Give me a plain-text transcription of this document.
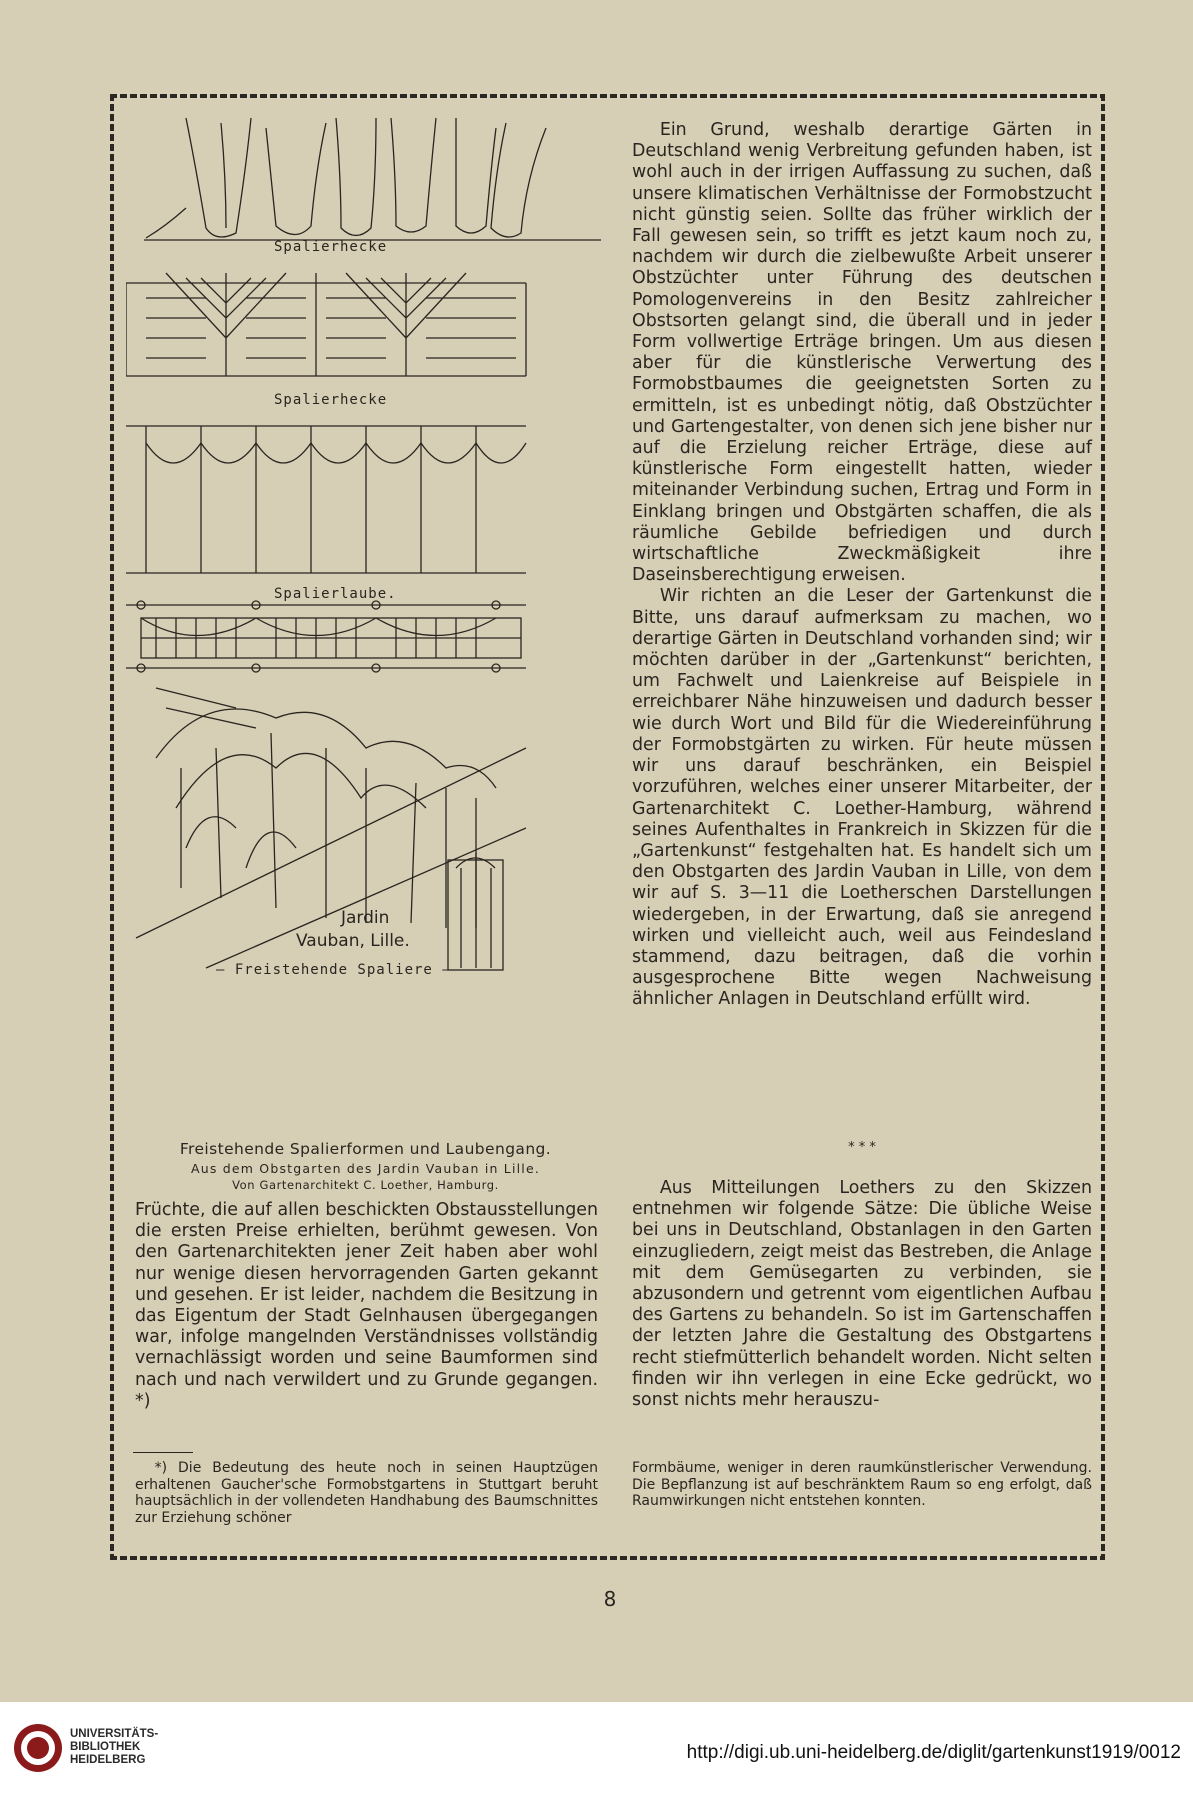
Spalierhecke
Spalierhecke
Spalierlaube.
Jardin
Vauban, Lille.
– Freistehende Spaliere –
Freistehende Spalierformen und Laubengang.
Aus dem Obstgarten des Jardin Vauban in Lille.
Von Gartenarchitekt C. Loether, Hamburg.

Früchte, die auf allen beschickten Obstausstellungen die ersten Preise erhielten, berühmt gewesen. Von den Gartenarchitekten jener Zeit haben aber wohl nur wenige diesen hervorragenden Garten gekannt und gesehen. Er ist leider, nachdem die Besitzung in das Eigentum der Stadt Gelnhausen übergegangen war, infolge mangelnden Verständnisses vollständig vernachlässigt worden und seine Baumformen sind nach und nach verwildert und zu Grunde gegangen. *)

*) Die Bedeutung des heute noch in seinen Hauptzügen erhaltenen Gaucher'sche Formobstgartens in Stuttgart beruht hauptsächlich in der vollendeten Handhabung des Baumschnittes zur Erziehung schöner

Ein Grund, weshalb derartige Gärten in Deutschland wenig Verbreitung gefunden haben, ist wohl auch in der irrigen Auffassung zu suchen, daß unsere klimatischen Verhältnisse der Formobstzucht nicht günstig seien. Sollte das früher wirklich der Fall gewesen sein, so trifft es jetzt kaum noch zu, nachdem wir durch die zielbewußte Arbeit unserer Obstzüchter unter Führung des deutschen Pomologenvereins in den Besitz zahlreicher Obstsorten gelangt sind, die überall und in jeder Form vollwertige Erträge bringen. Um aus diesen aber für die künstlerische Verwertung des Formobstbaumes die geeignetsten Sorten zu ermitteln, ist es unbedingt nötig, daß Obstzüchter und Gartengestalter, von denen sich jene bisher nur auf die Erzielung reicher Erträge, diese auf künstlerische Form eingestellt hatten, wieder miteinander Verbindung suchen, Ertrag und Form in Einklang bringen und Obstgärten schaffen, die als räumliche Gebilde befriedigen und durch wirtschaftliche Zweckmäßigkeit ihre Daseinsberechtigung erweisen.

Wir richten an die Leser der Gartenkunst die Bitte, uns darauf aufmerksam zu machen, wo derartige Gärten in Deutschland vorhanden sind; wir möchten darüber in der „Gartenkunst“ berichten, um Fachwelt und Laienkreise auf Beispiele in erreichbarer Nähe hinzuweisen und dadurch besser wie durch Wort und Bild für die Wiedereinführung der Formobstgärten zu wirken. Für heute müssen wir uns darauf beschränken, ein Beispiel vorzuführen, welches einer unserer Mitarbeiter, der Gartenarchitekt C. Loether-Hamburg, während seines Aufenthaltes in Frankreich in Skizzen für die „Gartenkunst“ festgehalten hat. Es handelt sich um den Obstgarten des Jardin Vauban in Lille, von dem wir auf S. 3—11 die Loetherschen Darstellungen wiedergeben, in der Erwartung, daß sie anregend wirken und vielleicht auch, weil aus Feindesland stammend, dazu beitragen, daß die vorhin ausgesprochene Bitte wegen Nachweisung ähnlicher Anlagen in Deutschland erfüllt wird.

* * *

Aus Mitteilungen Loethers zu den Skizzen entnehmen wir folgende Sätze: Die übliche Weise bei uns in Deutschland, Obstanlagen in den Garten einzugliedern, zeigt meist das Bestreben, die Anlage mit dem Gemüsegarten zu verbinden, sie abzusondern und getrennt vom eigentlichen Aufbau des Gartens zu behandeln. So ist im Gartenschaffen der letzten Jahre die Gestaltung des Obstgartens recht stiefmütterlich behandelt worden. Nicht selten finden wir ihn verlegen in eine Ecke gedrückt, wo sonst nichts mehr herauszu-

Formbäume, weniger in deren raumkünstlerischer Verwendung. Die Bepflanzung ist auf beschränktem Raum so eng erfolgt, daß Raumwirkungen nicht entstehen konnten.

8
UNIVERSITÄTS-
BIBLIOTHEK
HEIDELBERG	http://digi.ub.uni-heidelberg.de/diglit/gartenkunst1919/0012
